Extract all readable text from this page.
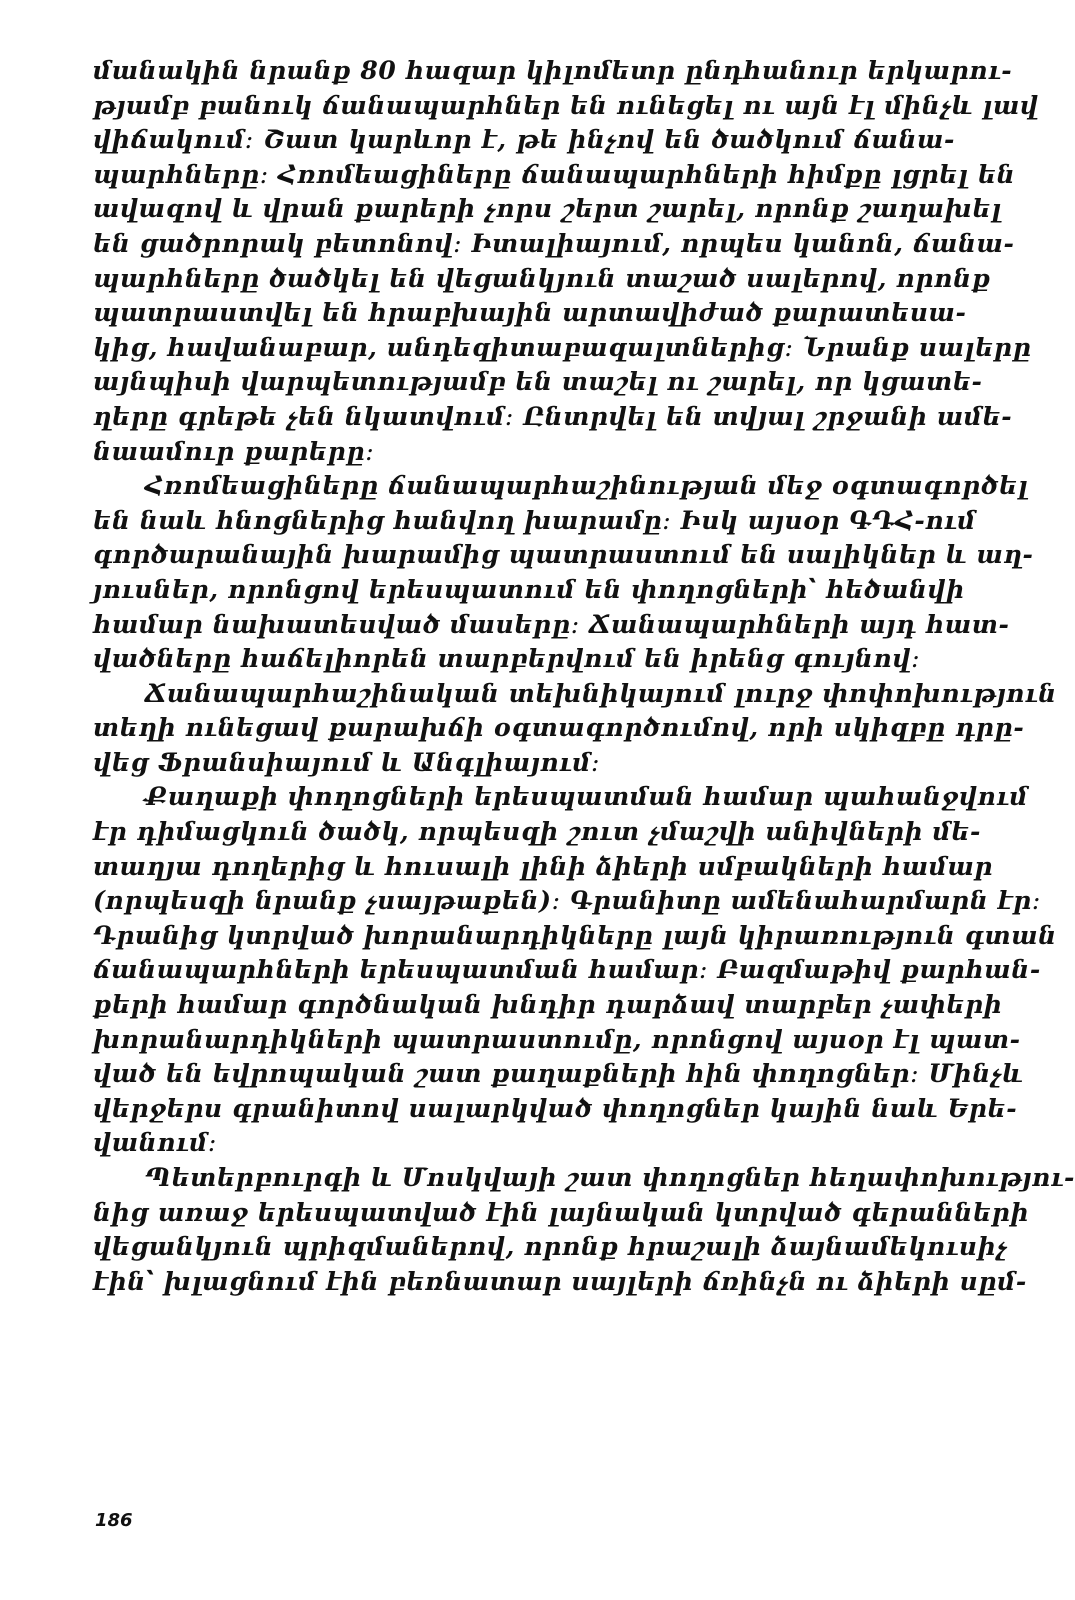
մանակին նրանք 80 հազար կիլոմետր ընդհանուր երկարու-
թյամբ բանուկ ճանապարհներ են ունեցել ու այն էլ մինչև լավ
վիճակում։ Շատ կարևոր է, թե ինչով են ծածկում ճանա-
պարհները։ Հռոմեացիները ճանապարհների հիմքը լցրել են
ավազով և վրան քարերի չորս շերտ շարել, որոնք շաղախել
են ցածրորակ բետոնով։ Իտալիայում, որպես կանոն, ճանա-
պարհները ծածկել են վեցանկյուն տաշած սալերով, որոնք
պատրաստվել են հրաբխային արտավիժած քարատեսա-
կից, հավանաբար, անդեզիտաբազալտներից։ Նրանք սալերը
այնպիսի վարպետությամբ են տաշել ու շարել, որ կցատե-
ղերը գրեթե չեն նկատվում։ Ընտրվել են տվյալ շրջանի ամե-
նաամուր քարերը։
Հռոմեացիները ճանապարհաշինության մեջ օգտագործել
են նաև հնոցներից հանվող խարամը։ Իսկ այսօր ԳԴՀ-ում
գործարանային խարամից պատրաստում են սալիկներ և աղ-
յուսներ, որոնցով երեսպատում են փողոցների՝ հեծանվի
համար նախատեսված մասերը։ Ճանապարհների այդ հատ-
վածները հաճելիորեն տարբերվում են իրենց գույնով։
Ճանապարհաշինական տեխնիկայում լուրջ փոփոխություն
տեղի ունեցավ քարախճի օգտագործումով, որի սկիզբը դրը-
վեց Ֆրանսիայում և Անգլիայում։
Քաղաքի փողոցների երեսպատման համար պահանջվում
էր դիմացկուն ծածկ, որպեսզի շուտ չմաշվի անիվների մե-
տաղյա դողերից և հուսալի լինի ձիերի սմբակների համար
(որպեսզի նրանք չսայթաքեն)։ Գրանիտը ամենահարմարն էր։
Դրանից կտրված խորանարդիկները լայն կիրառություն գտան
ճանապարհների երեսպատման համար։ Բազմաթիվ քարհան-
քերի համար գործնական խնդիր դարձավ տարբեր չափերի
խորանարդիկների պատրաստումը, որոնցով այսօր էլ պատ-
ված են եվրոպական շատ քաղաքների հին փողոցներ։ Մինչև
վերջերս գրանիտով սալարկված փողոցներ կային նաև Երե-
վանում։
Պետերբուրգի և Մոսկվայի շատ փողոցներ հեղափոխությու-
նից առաջ երեսպատված էին լայնական կտրված գերանների
վեցանկյուն պրիզմաներով, որոնք հրաշալի ձայնամեկուսիչ
էին՝ խլացնում էին բեռնատար սայլերի ճռինչն ու ձիերի սըմ-
186
